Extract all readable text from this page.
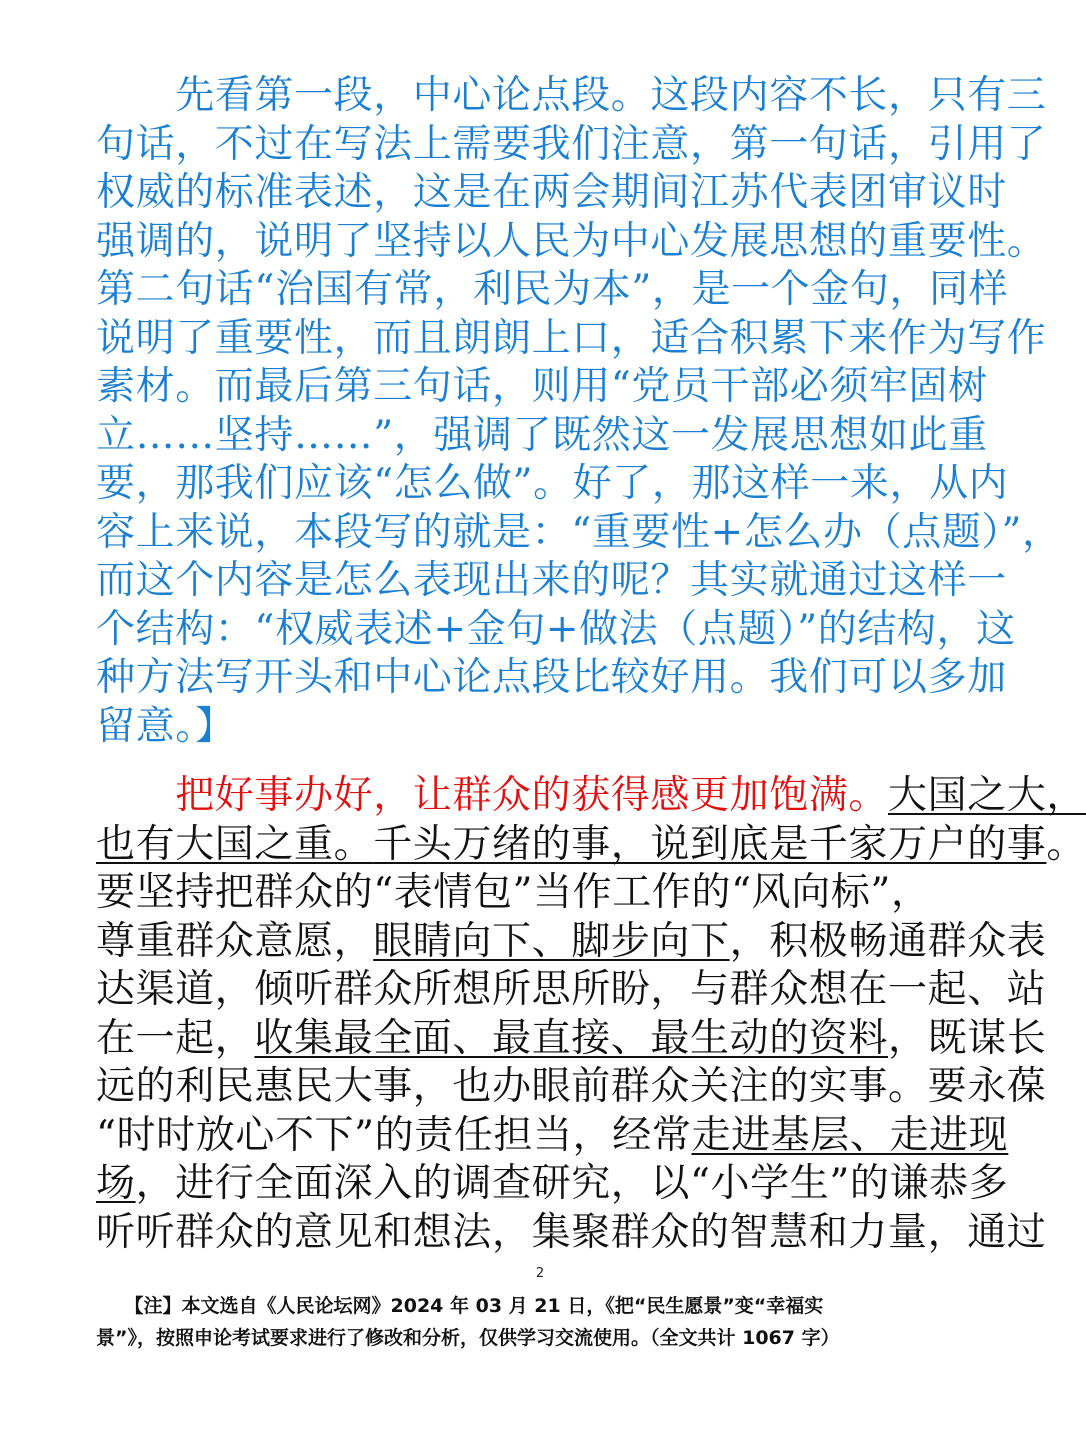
　　先看第一段，中心论点段。这段内容不长，只有三
句话，不过在写法上需要我们注意，第一句话，引用了
权威的标准表述，这是在两会期间江苏代表团审议时
强调的，说明了坚持以人民为中心发展思想的重要性。
第二句话“治国有常，利民为本”，是一个金句，同样
说明了重要性，而且朗朗上口，适合积累下来作为写作
素材。而最后第三句话，则用“党员干部必须牢固树
立……坚持……”，强调了既然这一发展思想如此重
要，那我们应该“怎么做”。好了，那这样一来，从内
容上来说，本段写的就是：“重要性+怎么办（点题）”，
而这个内容是怎么表现出来的呢？其实就通过这样一
个结构：“权威表述+金句+做法（点题）”的结构，这
种方法写开头和中心论点段比较好用。我们可以多加
留意。】
　　把好事办好，让群众的获得感更加饱满。大国之大，
也有大国之重。千头万绪的事，说到底是千家万户的事。
要坚持把群众的“表情包”当作工作的“风向标”，
尊重群众意愿，眼睛向下、脚步向下，积极畅通群众表
达渠道，倾听群众所想所思所盼，与群众想在一起、站
在一起，收集最全面、最直接、最生动的资料，既谋长
远的利民惠民大事，也办眼前群众关注的实事。要永葆
“时时放心不下”的责任担当，经常走进基层、走进现
场，进行全面深入的调查研究，以“小学生”的谦恭多
听听群众的意见和想法，集聚群众的智慧和力量，通过
2
　　【注】本文选自《人民论坛网》2024 年 03 月 21 日，《把“民生愿景”变“幸福实
景”》，按照申论考试要求进行了修改和分析，仅供学习交流使用。（全文共计 1067 字）
